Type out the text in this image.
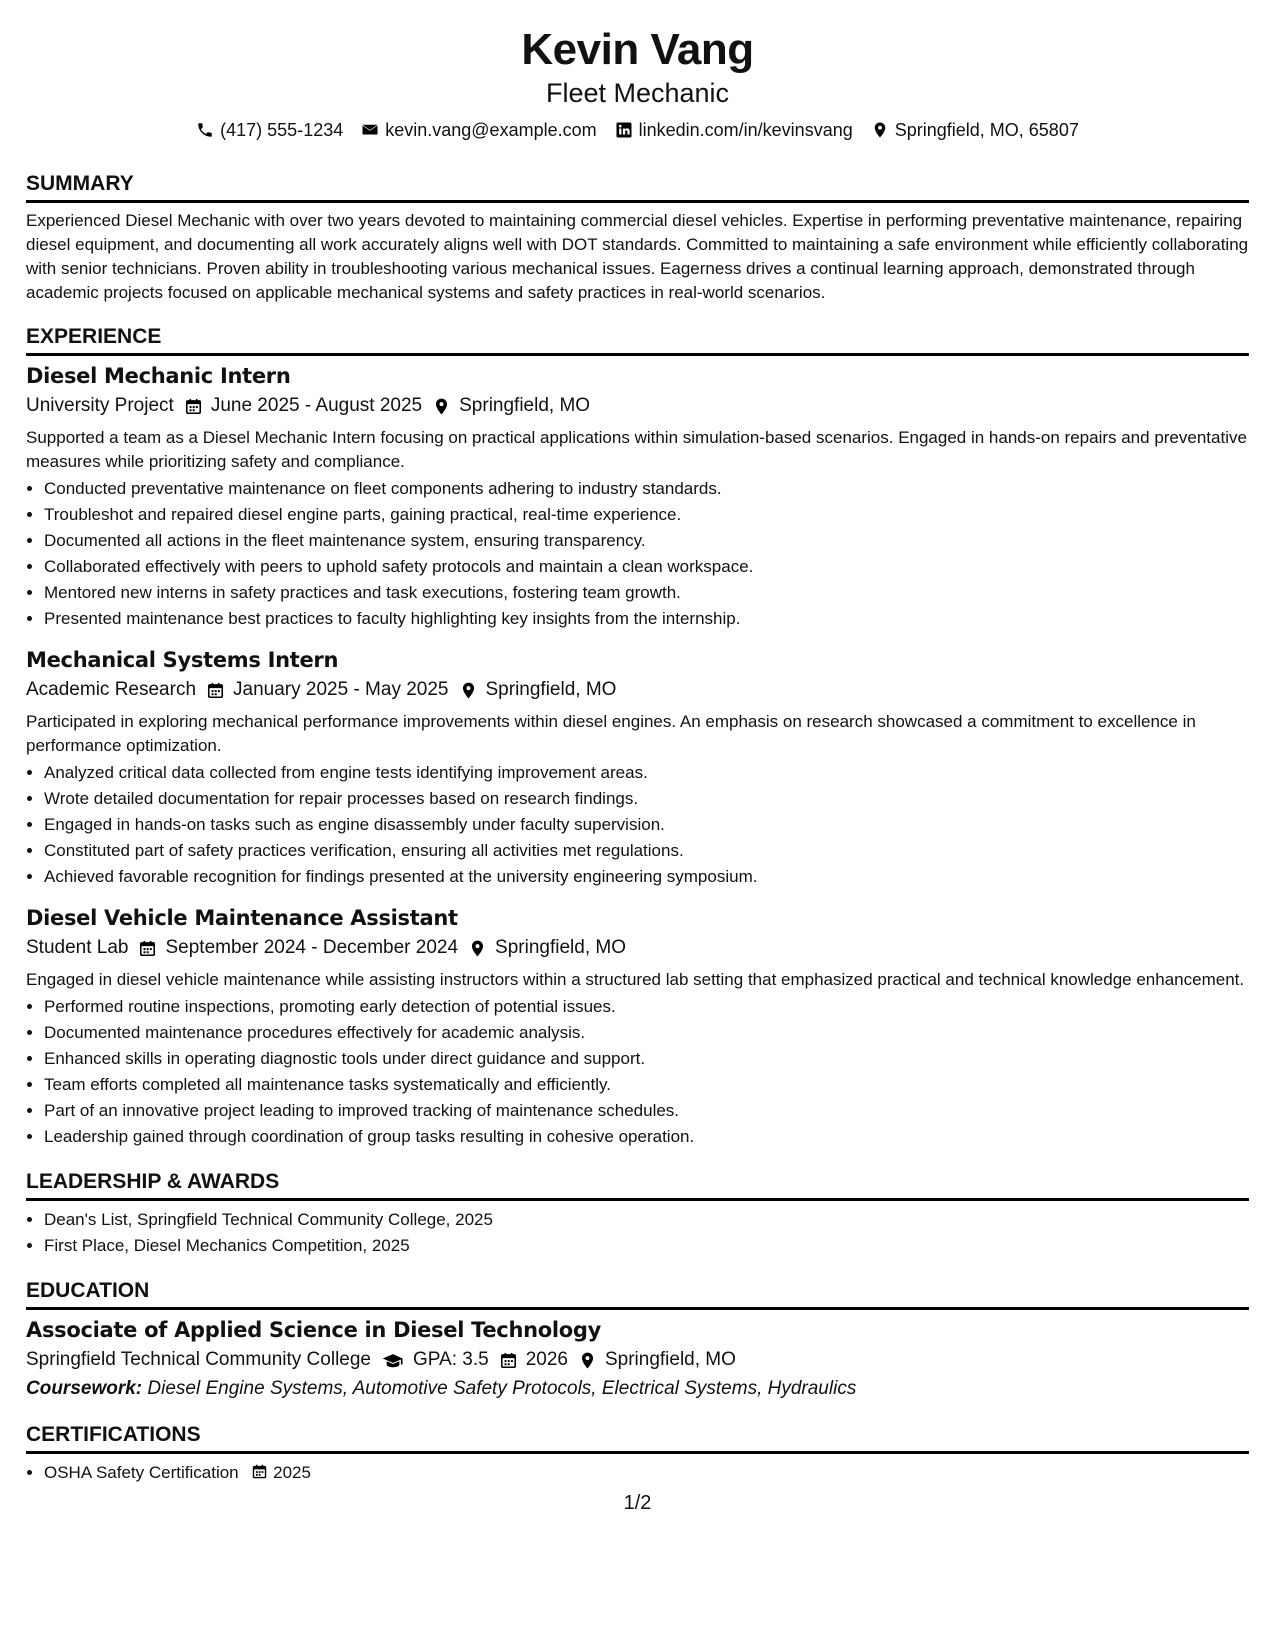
Kevin Vang
Fleet Mechanic
(417) 555-1234 kevin.vang@example.com linkedin.com/in/kevinsvang Springfield, MO, 65807
SUMMARY

Experienced Diesel Mechanic with over two years devoted to maintaining commercial diesel vehicles. Expertise in performing preventative maintenance, repairing diesel equipment, and documenting all work accurately aligns well with DOT standards. Committed to maintaining a safe environment while efficiently collaborating with senior technicians. Proven ability in troubleshooting various mechanical issues. Eagerness drives a continual learning approach, demonstrated through academic projects focused on applicable mechanical systems and safety practices in real-world scenarios.

EXPERIENCE
Diesel Mechanic Intern
University Project June 2025 - August 2025 Springfield, MO

Supported a team as a Diesel Mechanic Intern focusing on practical applications within simulation-based scenarios. Engaged in hands-on repairs and preventative measures while prioritizing safety and compliance.

• Conducted preventative maintenance on fleet components adhering to industry standards.
• Troubleshot and repaired diesel engine parts, gaining practical, real-time experience.
• Documented all actions in the fleet maintenance system, ensuring transparency.
• Collaborated effectively with peers to uphold safety protocols and maintain a clean workspace.
• Mentored new interns in safety practices and task executions, fostering team growth.
• Presented maintenance best practices to faculty highlighting key insights from the internship.
Mechanical Systems Intern
Academic Research January 2025 - May 2025 Springfield, MO

Participated in exploring mechanical performance improvements within diesel engines. An emphasis on research showcased a commitment to excellence in performance optimization.

• Analyzed critical data collected from engine tests identifying improvement areas.
• Wrote detailed documentation for repair processes based on research findings.
• Engaged in hands-on tasks such as engine disassembly under faculty supervision.
• Constituted part of safety practices verification, ensuring all activities met regulations.
• Achieved favorable recognition for findings presented at the university engineering symposium.
Diesel Vehicle Maintenance Assistant
Student Lab September 2024 - December 2024 Springfield, MO

Engaged in diesel vehicle maintenance while assisting instructors within a structured lab setting that emphasized practical and technical knowledge enhancement.

• Performed routine inspections, promoting early detection of potential issues.
• Documented maintenance procedures effectively for academic analysis.
• Enhanced skills in operating diagnostic tools under direct guidance and support.
• Team efforts completed all maintenance tasks systematically and efficiently.
• Part of an innovative project leading to improved tracking of maintenance schedules.
• Leadership gained through coordination of group tasks resulting in cohesive operation.
LEADERSHIP & AWARDS
• Dean's List, Springfield Technical Community College, 2025
• First Place, Diesel Mechanics Competition, 2025
EDUCATION
Associate of Applied Science in Diesel Technology
Springfield Technical Community College GPA: 3.5 2026 Springfield, MO
Coursework: Diesel Engine Systems, Automotive Safety Protocols, Electrical Systems, Hydraulics
CERTIFICATIONS
• OSHA Safety Certification 2025
1/2
